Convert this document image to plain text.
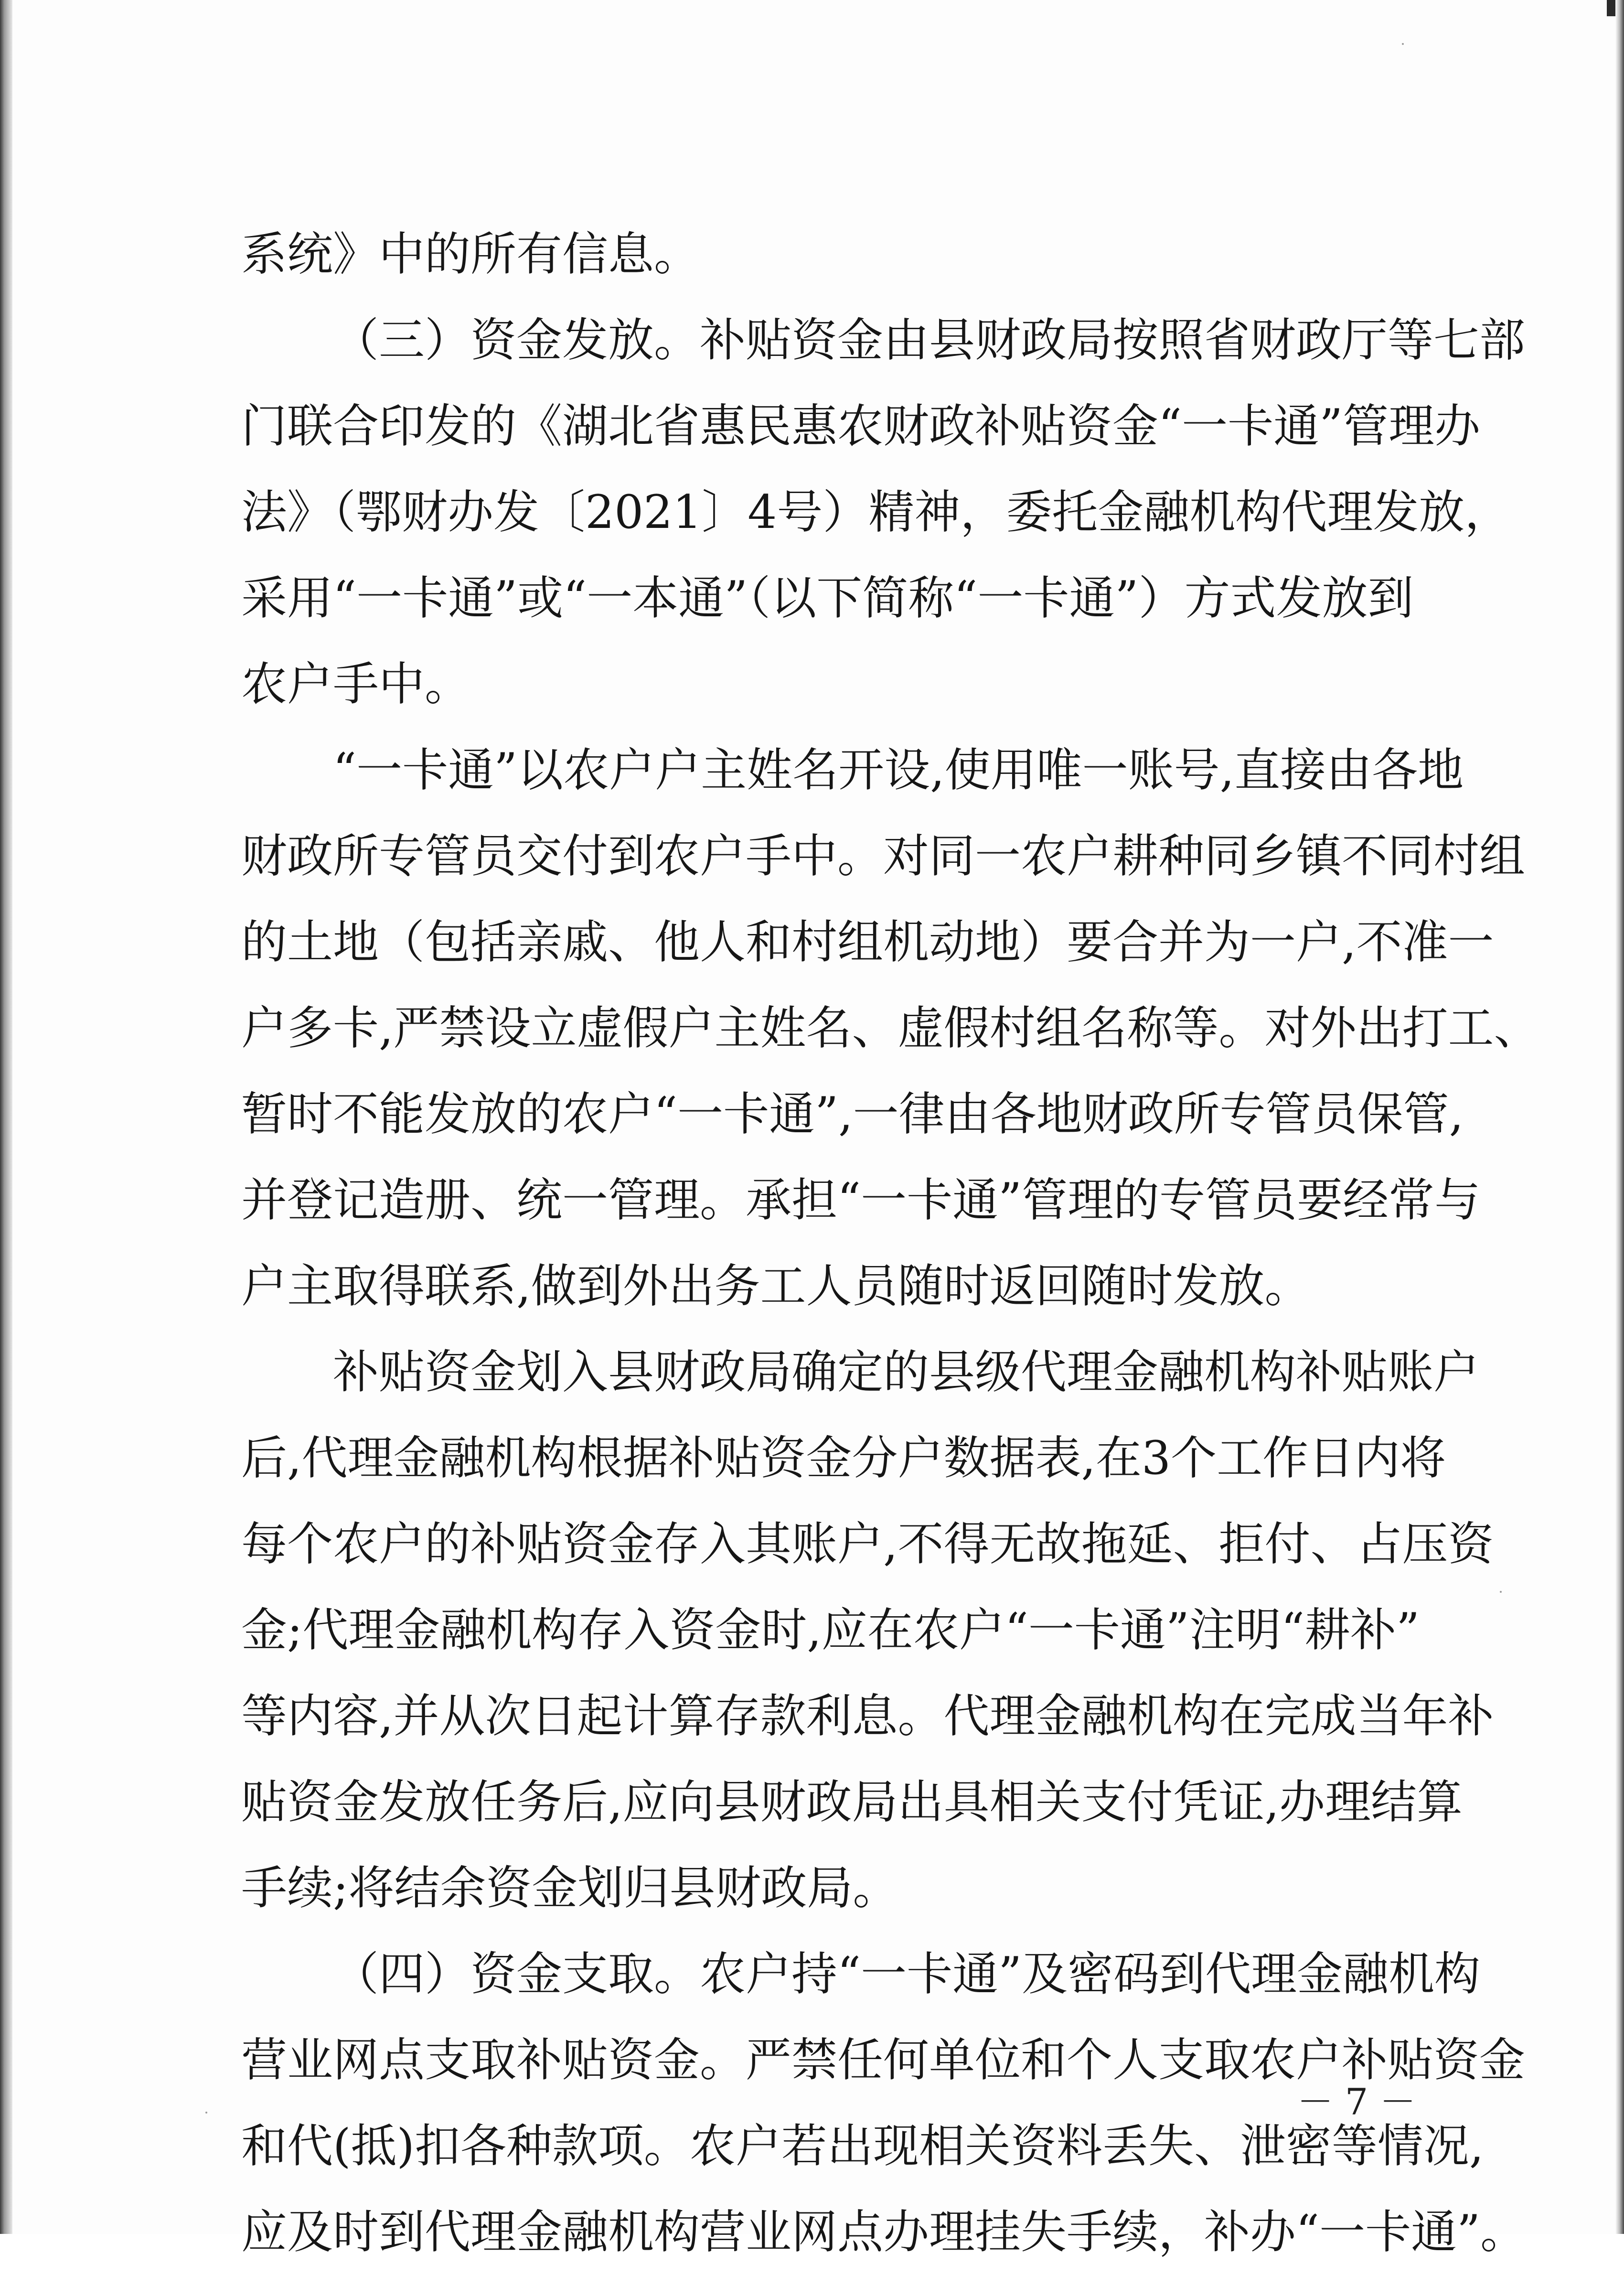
系统》中的所有信息。
（三）资金发放。补贴资金由县财政局按照省财政厅等七部
门联合印发的《湖北省惠民惠农财政补贴资金“一卡通”管理办
法》（鄂财办发〔2021〕4号）精神，委托金融机构代理发放，
采用“一卡通”或“一本通”（以下简称“一卡通”）方式发放到
农户手中。
“一卡通”以农户户主姓名开设,使用唯一账号,直接由各地
财政所专管员交付到农户手中。对同一农户耕种同乡镇不同村组
的土地（包括亲戚、他人和村组机动地）要合并为一户,不准一
户多卡,严禁设立虚假户主姓名、虚假村组名称等。对外出打工、
暂时不能发放的农户“一卡通”,一律由各地财政所专管员保管,
并登记造册、统一管理。承担“一卡通”管理的专管员要经常与
户主取得联系,做到外出务工人员随时返回随时发放。
补贴资金划入县财政局确定的县级代理金融机构补贴账户
后,代理金融机构根据补贴资金分户数据表,在3个工作日内将
每个农户的补贴资金存入其账户,不得无故拖延、拒付、占压资
金;代理金融机构存入资金时,应在农户“一卡通”注明“耕补”
等内容,并从次日起计算存款利息。代理金融机构在完成当年补
贴资金发放任务后,应向县财政局出具相关支付凭证,办理结算
手续;将结余资金划归县财政局。
（四）资金支取。农户持“一卡通”及密码到代理金融机构
营业网点支取补贴资金。严禁任何单位和个人支取农户补贴资金
和代(抵)扣各种款项。农户若出现相关资料丢失、泄密等情况,
应及时到代理金融机构营业网点办理挂失手续，补办“一卡通”。
－ 7 －
